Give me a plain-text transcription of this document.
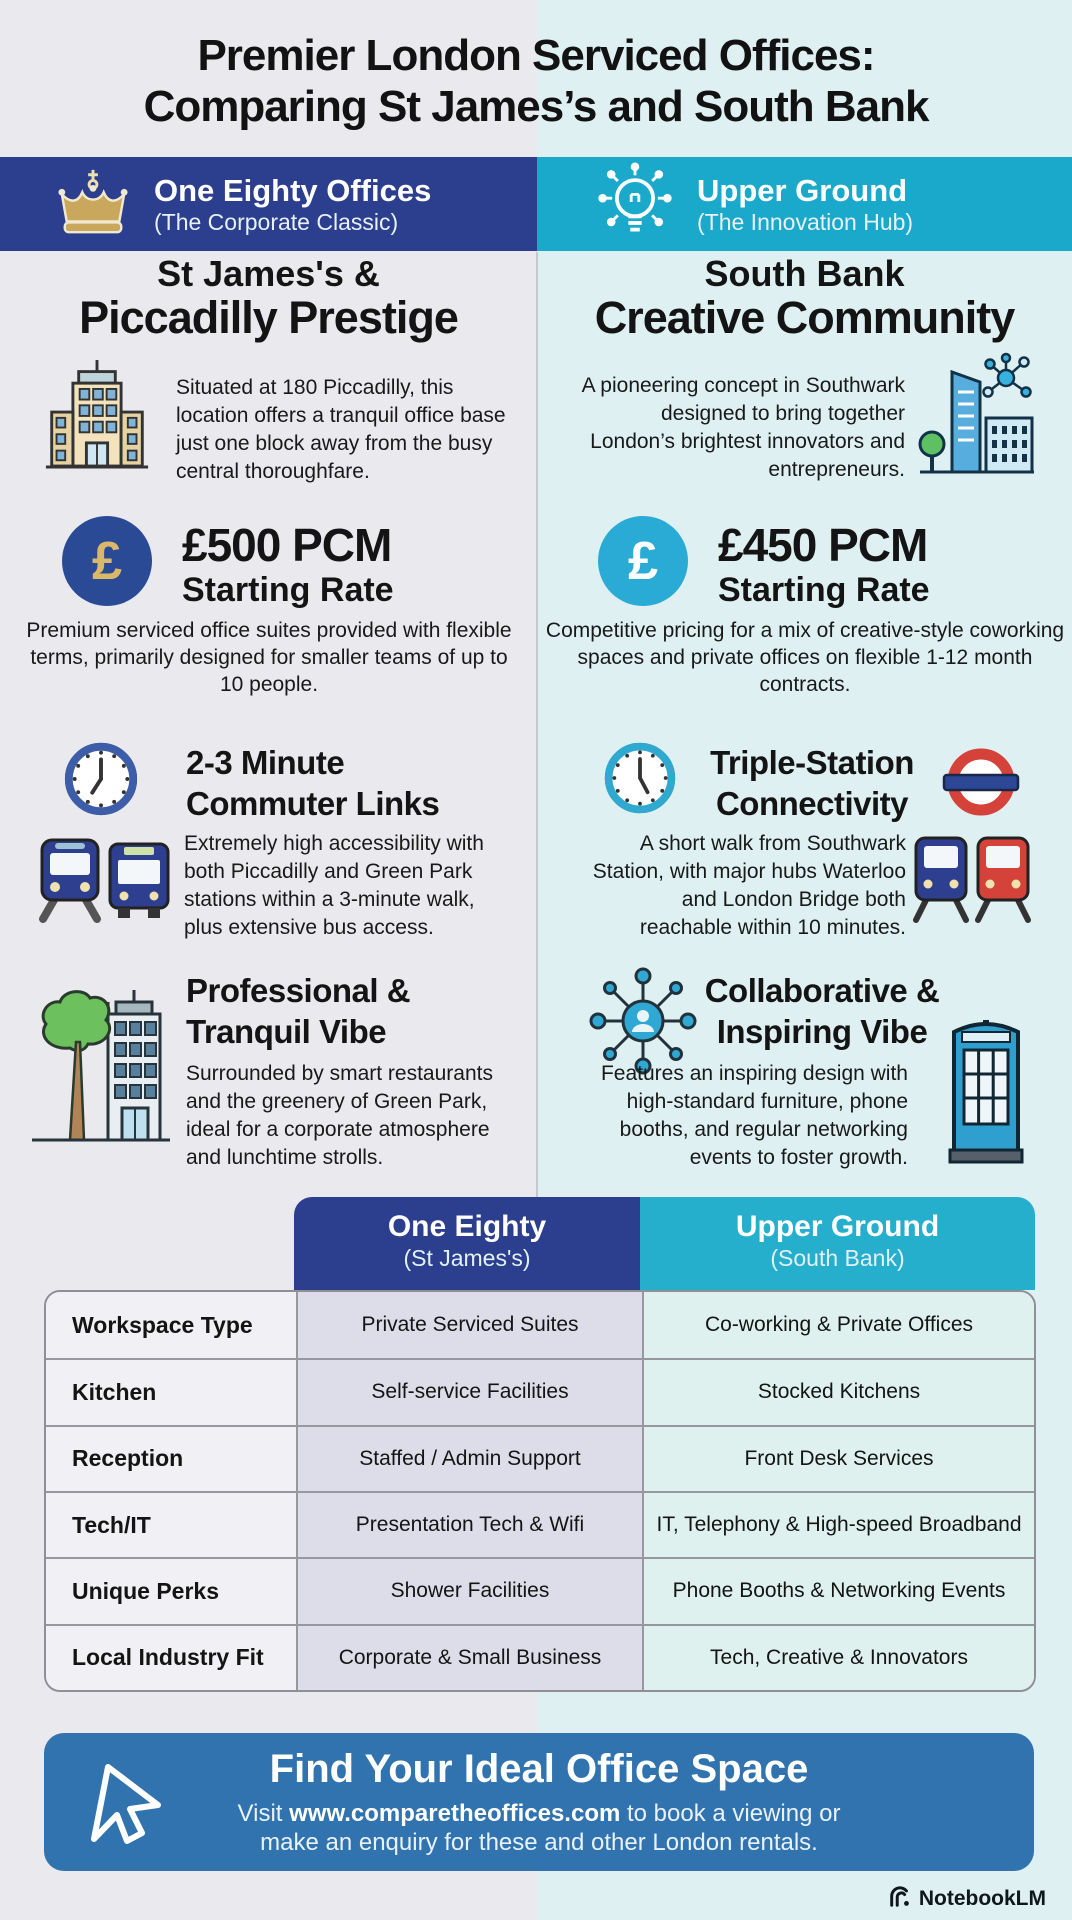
Premier London Serviced Offices:
Comparing St James’s and South Bank
One Eighty Offices
(The Corporate Classic)
Upper Ground
(The Innovation Hub)
St James's &
Piccadilly Prestige
Situated at 180 Piccadilly, this location offers a tranquil office base just one block away from the busy central thoroughfare.
£ £500 PCM
Starting Rate
Premium serviced office suites provided with flexible terms, primarily designed for smaller teams of up to 10 people.
2-3 Minute
Commuter Links
Extremely high accessibility with both Piccadilly and Green Park stations within a 3-minute walk, plus extensive bus access.
Professional &
Tranquil Vibe
Surrounded by smart restaurants and the greenery of Green Park, ideal for a corporate atmosphere and lunchtime strolls.
South Bank
Creative Community
A pioneering concept in Southwark designed to bring together London’s brightest innovators and entrepreneurs.
£ £450 PCM
Starting Rate
Competitive pricing for a mix of creative-style coworking spaces and private offices on flexible 1-12 month contracts.
Triple-Station
Connectivity
A short walk from Southwark Station, with major hubs Waterloo and London Bridge both reachable within 10 minutes.
Collaborative &
Inspiring Vibe
Features an inspiring design with high-standard furniture, phone booths, and regular networking events to foster growth.
One Eighty
(St James's)
Upper Ground
(South Bank)
Workspace Type	Private Serviced Suites	Co-working & Private Offices
Kitchen	Self-service Facilities	Stocked Kitchens
Reception	Staffed / Admin Support	Front Desk Services
Tech/IT	Presentation Tech & Wifi	IT, Telephony & High-speed Broadband
Unique Perks	Shower Facilities	Phone Booths & Networking Events
Local Industry Fit	Corporate & Small Business	Tech, Creative & Innovators
Find Your Ideal Office Space
Visit www.comparetheoffices.com to book a viewing or
make an enquiry for these and other London rentals.
NotebookLM
